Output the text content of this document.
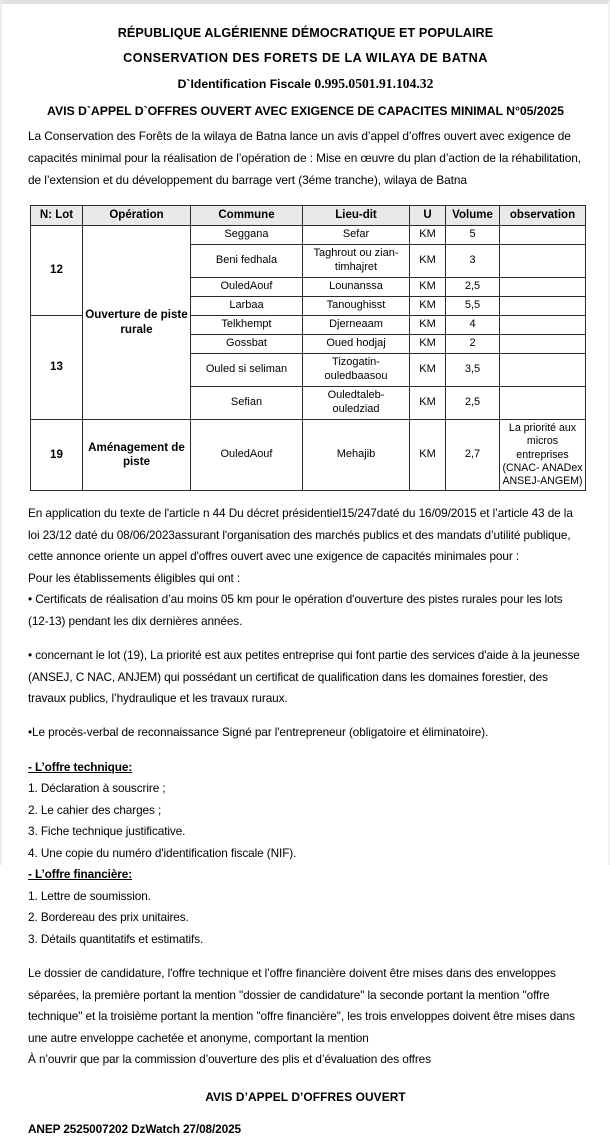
RÉPUBLIQUE ALGÉRIENNE DÉMOCRATIQUE ET POPULAIRE
CONSERVATION DES FORETS DE LA WILAYA DE BATNA
D`Identification Fiscale 0.995.0501.91.104.32
AVIS D`APPEL D`OFFRES OUVERT AVEC EXIGENCE DE CAPACITES MINIMAL N°05/2025

La Conservation des Forêts de la wilaya de Batna lance un avis d’appel d’offres ouvert avec exigence de capacités minimal pour la réalisation de l’opération de : Mise en œuvre du plan d’action de la réhabilitation, de l’extension et du développement du barrage vert (3éme tranche), wilaya de Batna

N: Lot	Opération	Commune	Lieu-dit	U	Volume	observation
12	Ouverture de piste rurale	Seggana	Sefar	KM	5	
		Beni fedhala	Taghrout ou zian-timhajret	KM	3	
		OuledAouf	Lounanssa	KM	2,5	
		Larbaa	Tanoughisst	KM	5,5	
13		Telkhempt	Djerneaam	KM	4	
		Gossbat	Oued hodjaj	KM	2	
		Ouled si seliman	Tizogatin-ouledbaasou	KM	3,5	
		Sefian	Ouledtaleb-ouledziad	KM	2,5	
19	Aménagement de piste	OuledAouf	Mehajib	KM	2,7	La priorité aux micros entreprises (CNAC- ANADex ANSEJ-ANGEM)

En application du texte de l'article n 44 Du décret présidentiel15/247daté du 16/09/2015 et l’article 43 de la loi 23/12 daté du 08/06/2023assurant l'organisation des marchés publics et des mandats d’utilité publique, cette annonce oriente un appel d'offres ouvert avec une exigence de capacités minimales pour :

Pour les établissements éligibles qui ont :

• Certificats de réalisation d’au moins 05 km pour le opération d'ouverture des pistes rurales pour les lots (12-13) pendant les dix dernières années.

• concernant le lot (19), La priorité est aux petites entreprise qui font partie des services d'aide à la jeunesse (ANSEJ, C NAC, ANJEM) qui possédant un certificat de qualification dans les domaines forestier, des travaux publics, l’hydraulique et les travaux ruraux.

•Le procès-verbal de reconnaissance Signé par l'entrepreneur (obligatoire et éliminatoire).

- L’offre technique:

1. Déclaration à souscrire ;

2. Le cahier des charges ;

3. Fiche technique justificative.

4. Une copie du numéro d'identification fiscale (NIF).

- L’offre financière:

1. Lettre de soumission.

2. Bordereau des prix unitaires.

3. Détails quantitatifs et estimatifs.

Le dossier de candidature, l'offre technique et l’offre financière doivent être mises dans des enveloppes séparées, la première portant la mention "dossier de candidature" la seconde portant la mention "offre technique" et la troisième portant la mention "offre financière", les trois enveloppes doivent être mises dans une autre enveloppe cachetée et anonyme, comportant la mention

À n’ouvrir que par la commission d’ouverture des plis et d’évaluation des offres

AVIS D’APPEL D’OFFRES OUVERT
ANEP 2525007202 DzWatch 27/08/2025
